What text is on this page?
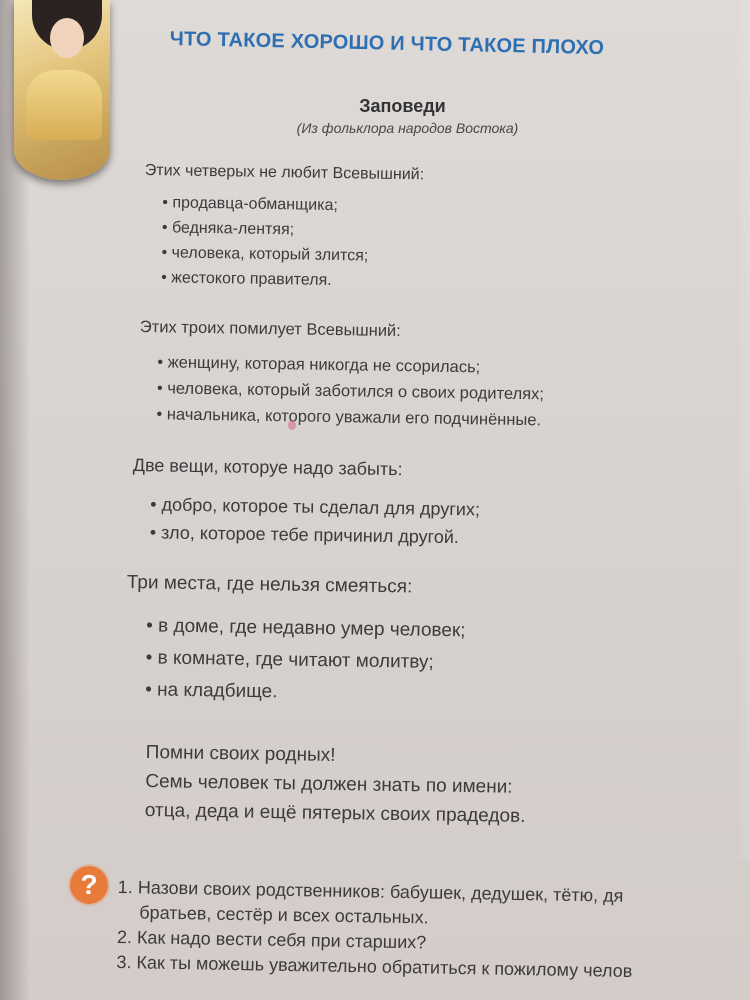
ЧТО ТАКОЕ ХОРОШО И ЧТО ТАКОЕ ПЛОХО
Заповеди
(Из фольклора народов Востока)

Этих четверых не любит Всевышний:

• продавца-обманщика;
• бедняка-лентяя;
• человека, который злится;
• жестокого правителя.

Этих троих помилует Всевышний:

• женщину, которая никогда не ссорилась;
• человека, который заботился о своих родителях;
• начальника, которого уважали его подчинённые.

Две вещи, которуе надо забыть:

• добро, которое ты сделал для других;
• зло, которое тебе причинил другой.

Три места, где нельзя смеяться:

• в доме, где недавно умер человек;
• в комнате, где читают молитву;
• на кладбище.

Помни своих родных!

Семь человек ты должен знать по имени:

отца, деда и ещё пятерых своих прадедов.

?	1. Назови своих родственников: бабушек, дедушек, тётю, дя
братьев, сестёр и всех остальных.
2. Как надо вести себя при старших?
3. Как ты можешь уважительно обратиться к пожилому челов
